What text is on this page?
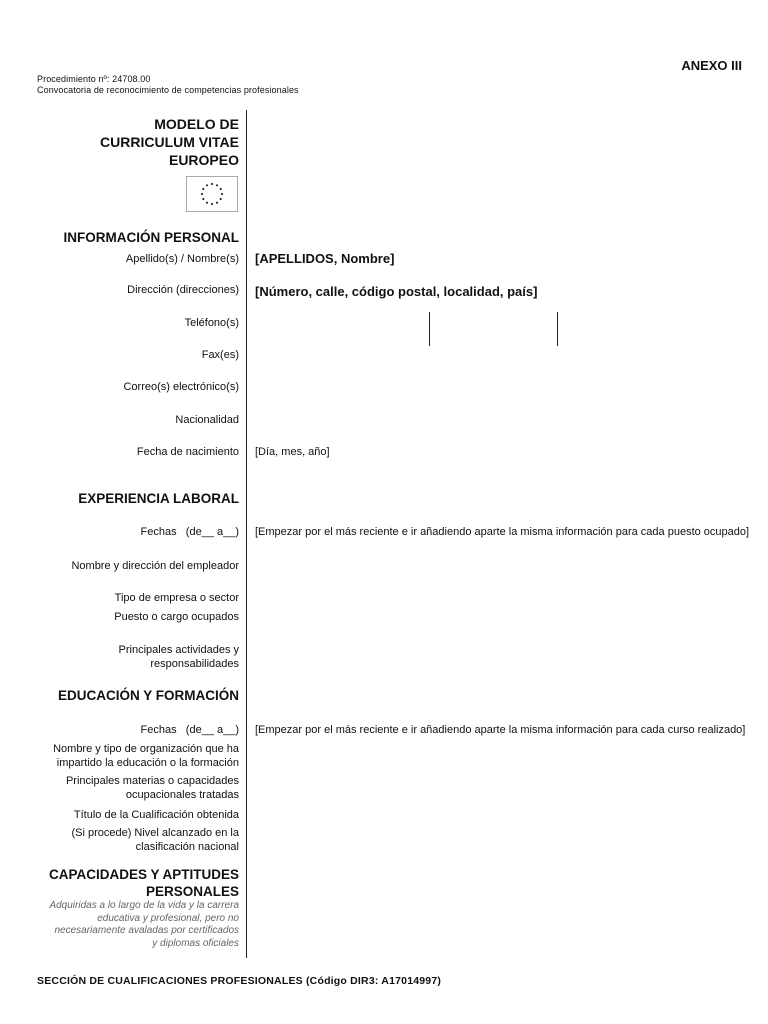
ANEXO III
Procedimiento nº: 24708.00
Convocatoria de reconocimiento de competencias profesionales
MODELO DE
CURRICULUM VITAE
EUROPEO
INFORMACIÓN PERSONAL
Apellido(s) / Nombre(s) [APELLIDOS, Nombre]
Dirección (direcciones) [Número, calle, código postal, localidad, país]
Teléfono(s)
Fax(es)
Correo(s) electrónico(s)
Nacionalidad
Fecha de nacimiento [Día, mes, año]
EXPERIENCIA LABORAL
Fechas   (de__ a__) [Empezar por el más reciente e ir añadiendo aparte la misma información para cada puesto ocupado]
Nombre y dirección del empleador
Tipo de empresa o sector
Puesto o cargo ocupados
Principales actividades y
responsabilidades
EDUCACIÓN Y FORMACIÓN
Fechas   (de__ a__) [Empezar por el más reciente e ir añadiendo aparte la misma información para cada curso realizado]
Nombre y tipo de organización que ha
impartido la educación o la formación
Principales materias o capacidades
ocupacionales tratadas
Título de la Cualificación obtenida
(Si procede) Nivel alcanzado en la
clasificación nacional
CAPACIDADES Y APTITUDES
PERSONALES
Adquiridas a lo largo de la vida y la carrera
educativa y profesional, pero no
necesariamente avaladas por certificados
y diplomas oficiales
SECCIÓN DE CUALIFICACIONES PROFESIONALES (Código DIR3: A17014997)
